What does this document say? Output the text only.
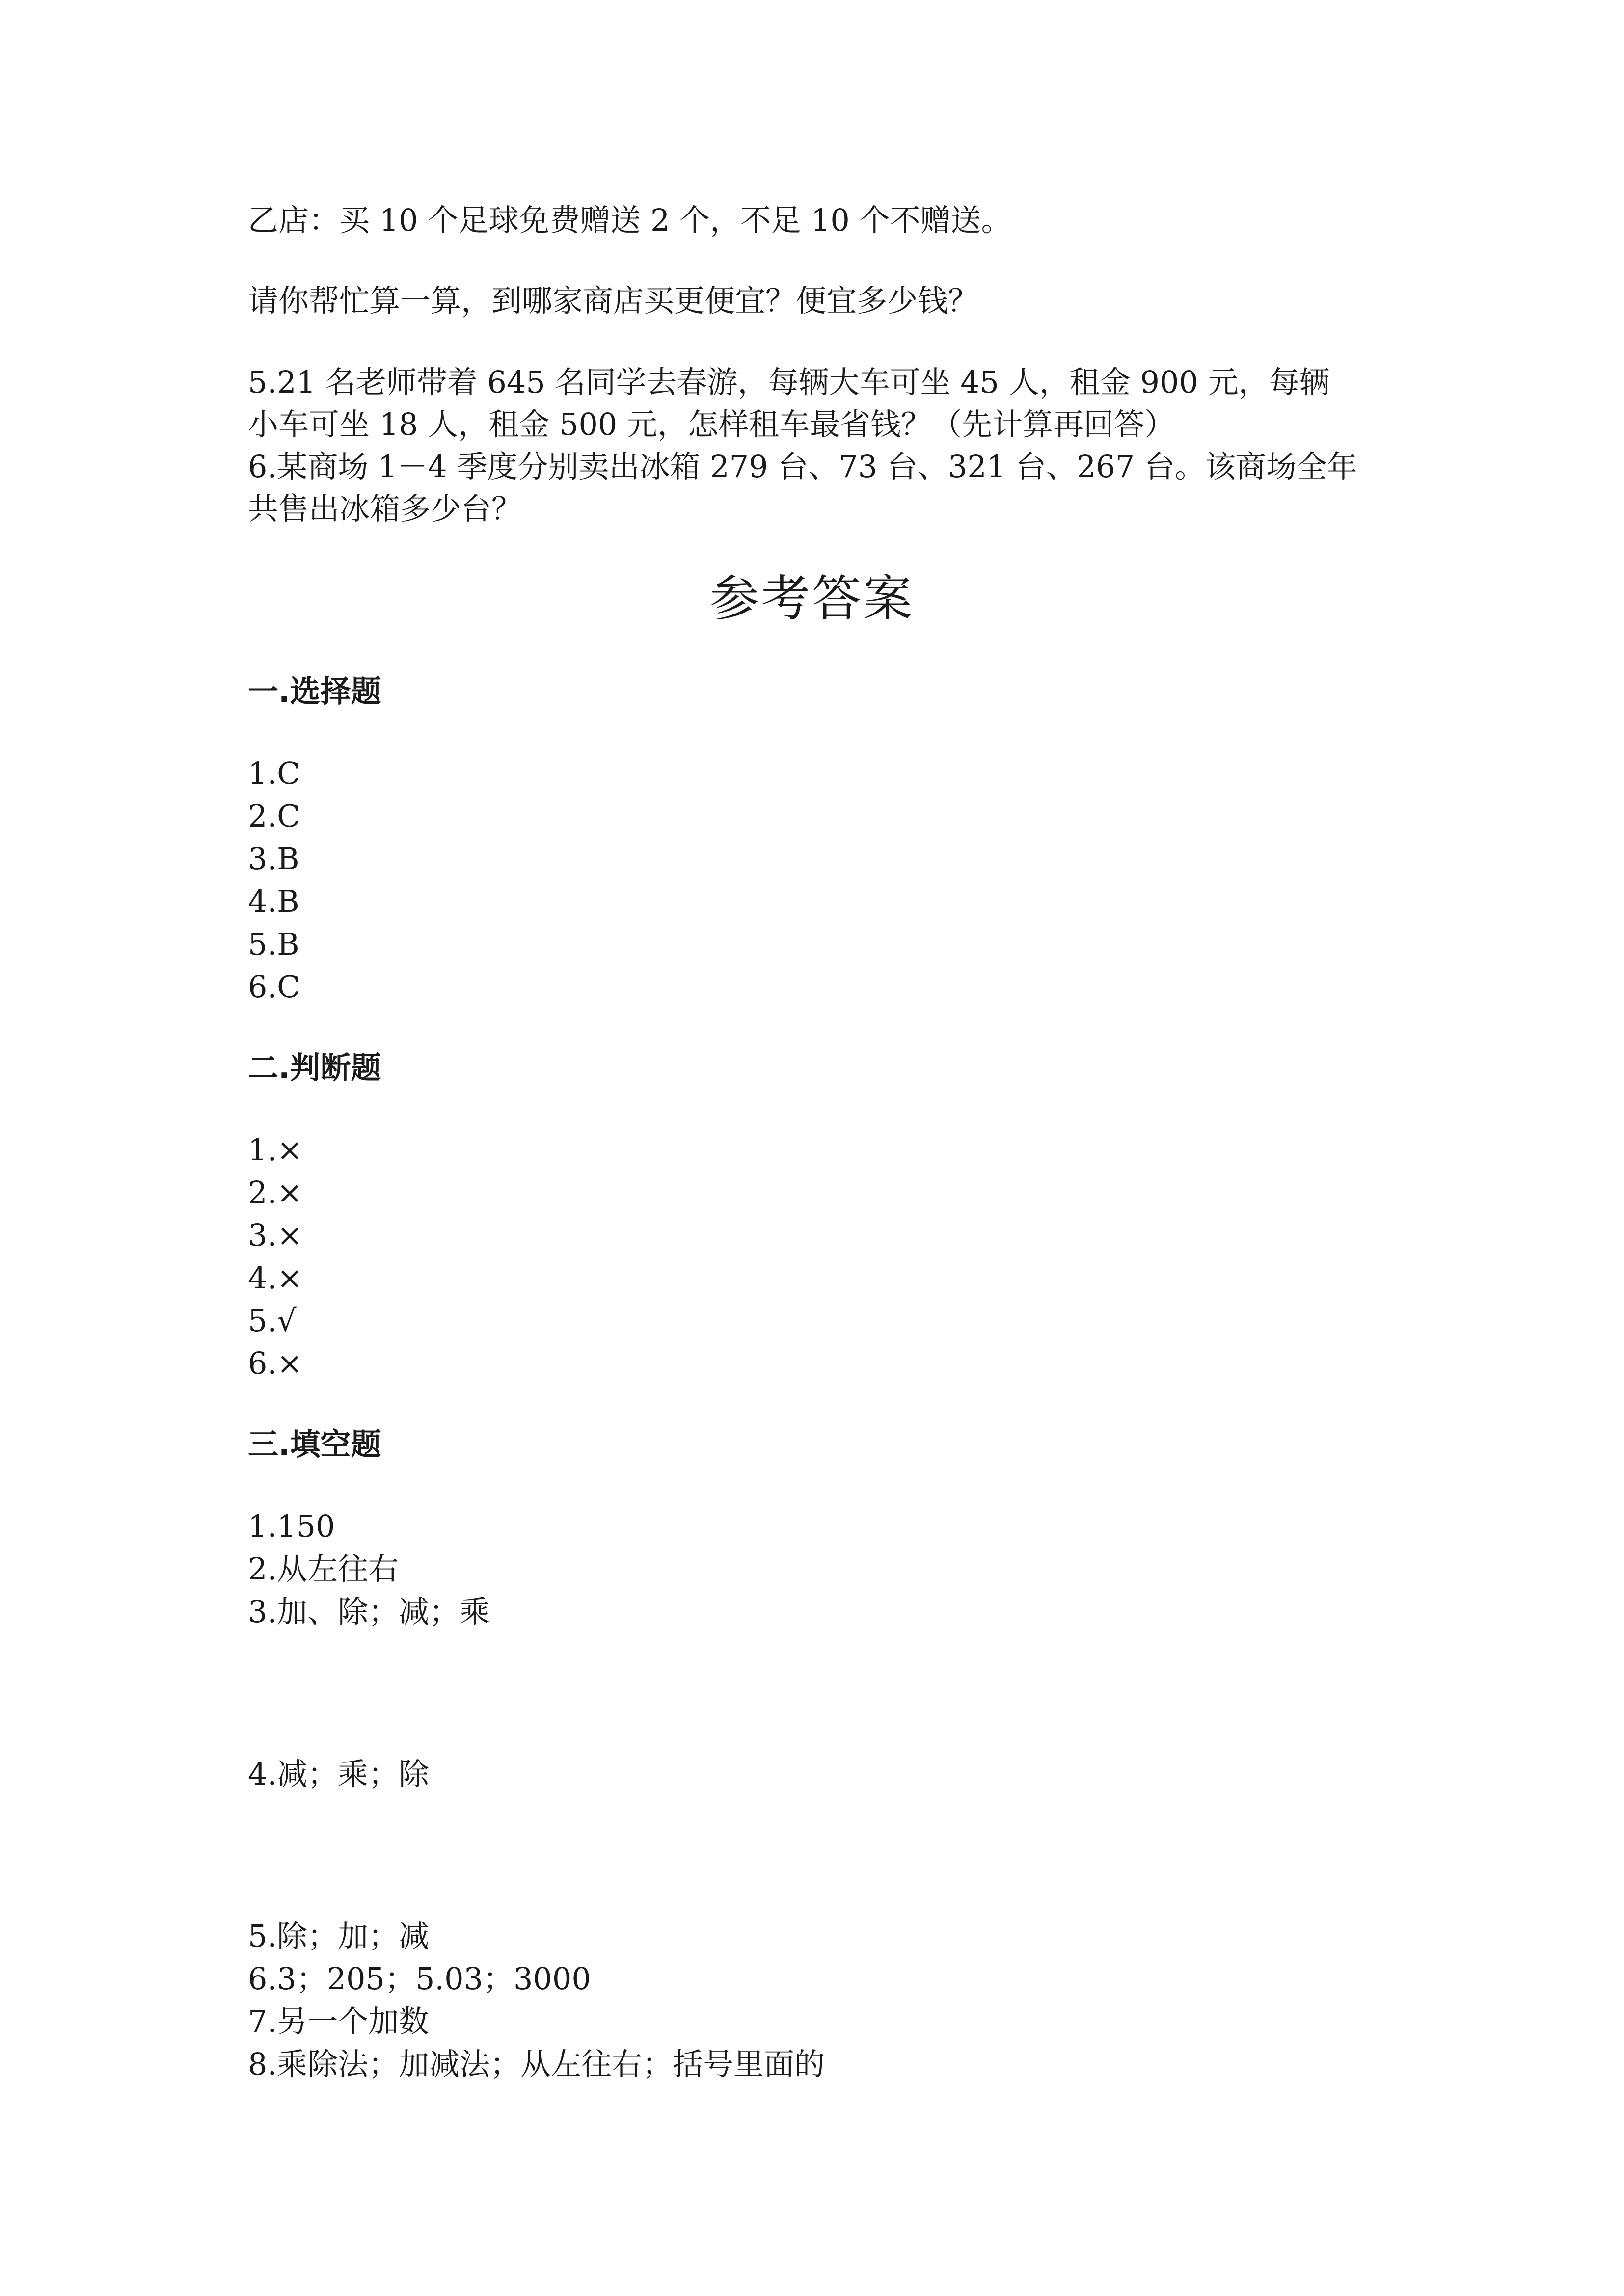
乙店：买 10 个足球免费赠送 2 个，不足 10 个不赠送。
请你帮忙算一算，到哪家商店买更便宜？便宜多少钱？
5.21 名老师带着 645 名同学去春游，每辆大车可坐 45 人，租金 900 元，每辆
小车可坐 18 人，租金 500 元，怎样租车最省钱？（先计算再回答）
6.某商场 1－4 季度分别卖出冰箱 279 台、73 台、321 台、267 台。该商场全年
共售出冰箱多少台？
参考答案
一.选择题
1.C
2.C
3.B
4.B
5.B
6.C
二.判断题
1.×
2.×
3.×
4.×
5.√
6.×
三.填空题
1.150
2.从左往右
3.加、除；减；乘
4.减；乘；除
5.除；加；减
6.3；205；5.03；3000
7.另一个加数
8.乘除法；加减法；从左往右；括号里面的
